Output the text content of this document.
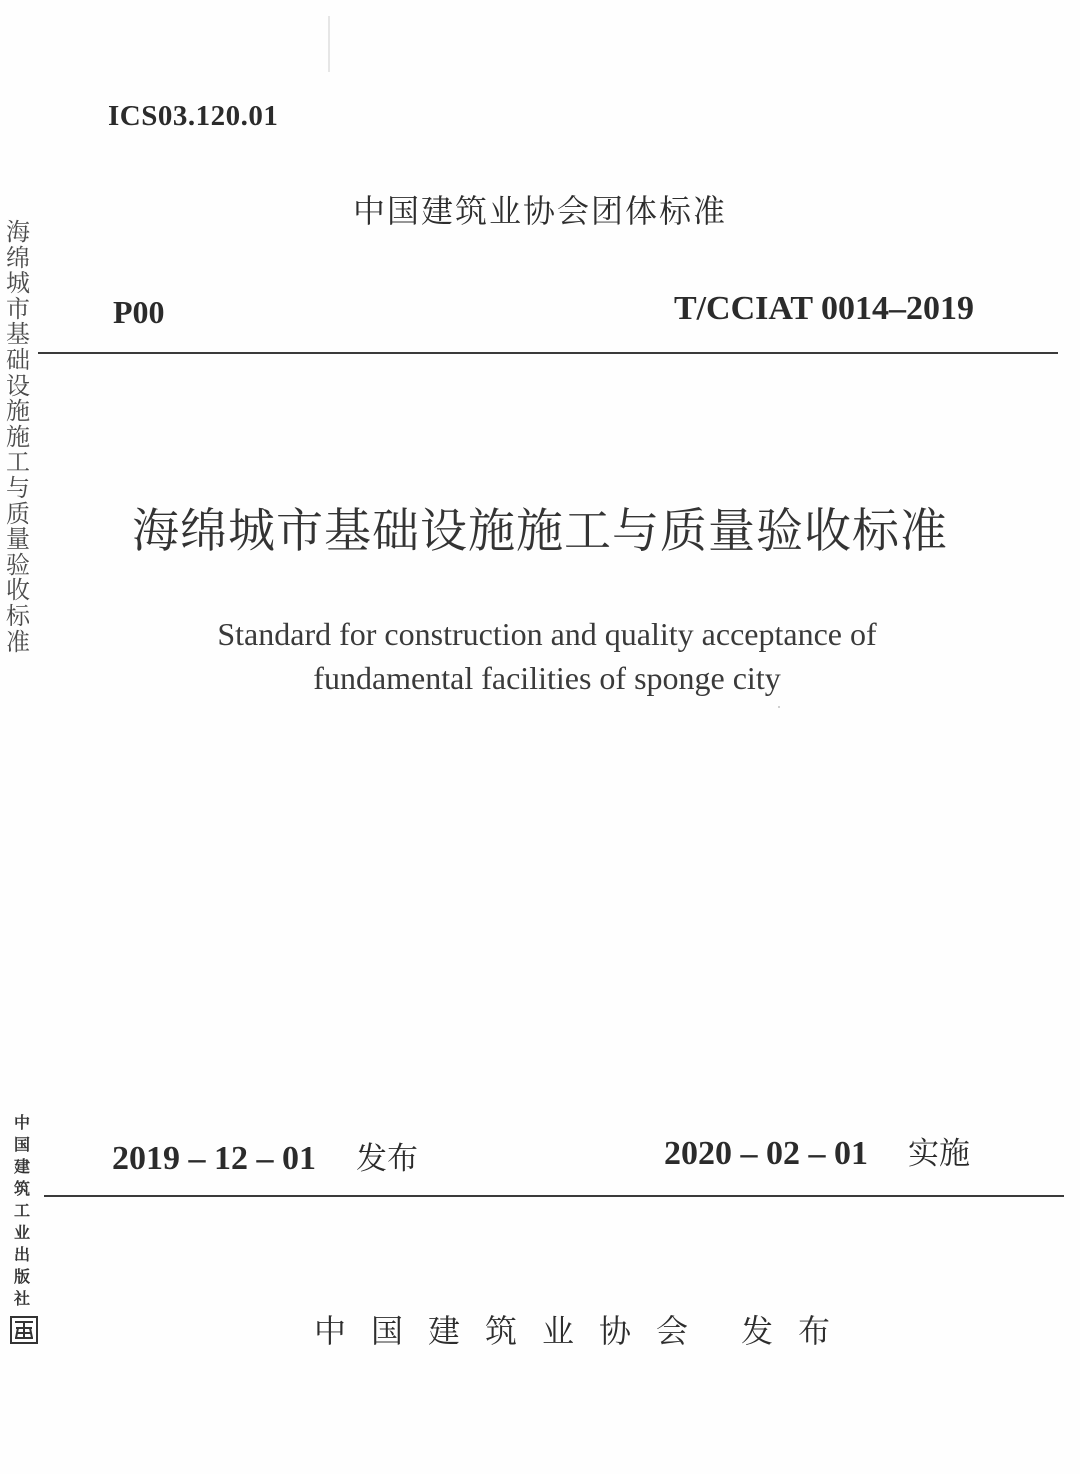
ICS03.120.01
中国建筑业协会团体标准
P00	T/CCIAT 0014–2019
海绵城市基础设施施工与质量验收标准
Standard for construction and quality acceptance of
fundamental facilities of sponge city
海绵城市基础设施施工与质量验收标准
中国建筑工业出版社
2019 – 12 – 01 发布	2020 – 02 – 01 实施
中国建筑业协会 发布
